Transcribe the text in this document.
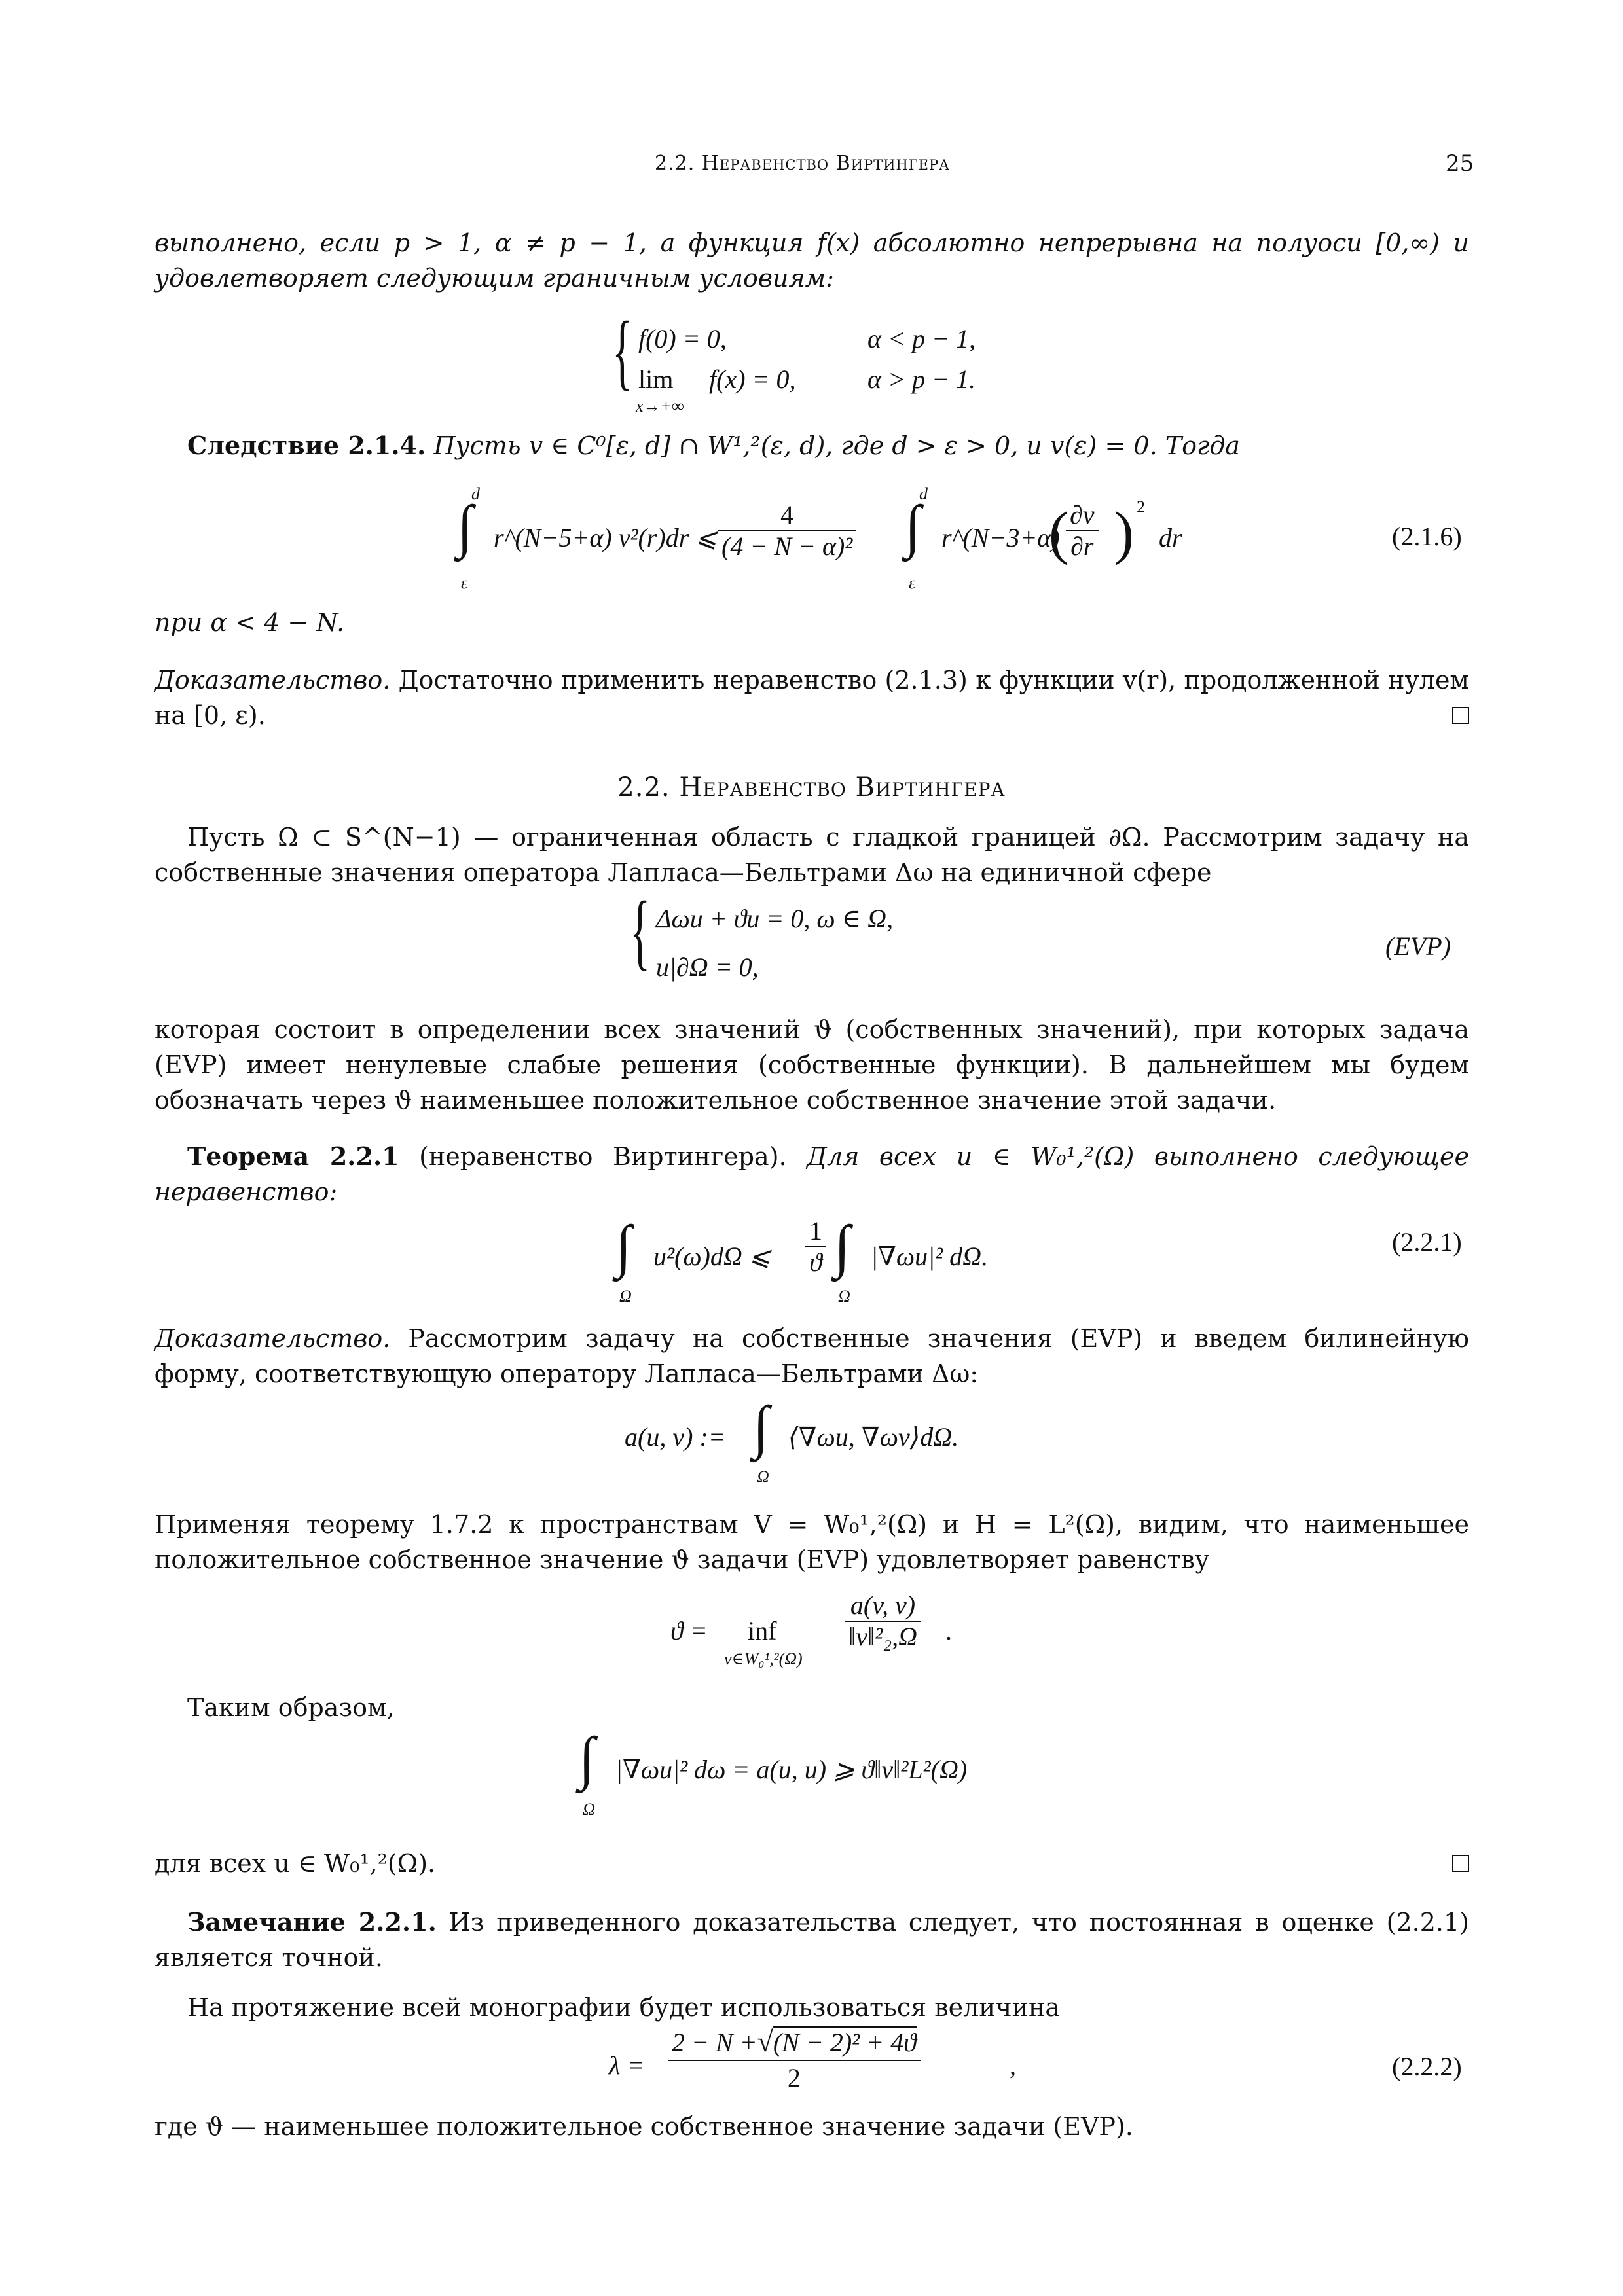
2.2. Неравенство Виртингера	25
выполнено, если p > 1, α ≠ p − 1, а функция f(x) абсолютно непрерывна на полуоси [0,∞) и удовлетворяет следующим граничным условиям:
{ f(0) = 0,	α < p − 1,
lim
x→+∞
f(x) = 0,	α > p − 1.
Следствие 2.1.4. Пусть v ∈ C⁰[ε, d] ∩ W¹,²(ε, d), где d > ε > 0, и v(ε) = 0. Тогда
d
∫
ε
r^(N−5+α) v²(r)dr ⩽ $\frac{4}{\text{(4 − N − α)²}}$
d
∫
ε
r^(N−3+α)
(
$\frac{\partial v}{\partial r}$ ) 2
dr	(2.1.6)
при α < 4 − N.
Доказательство. Достаточно применить неравенство (2.1.3) к функции v(r), продолженной нулем на [0, ε).
2.2. Неравенство Виртингера
Пусть Ω ⊂ S^(N−1) — ограниченная область с гладкой границей ∂Ω. Рассмотрим задачу на собственные значения оператора Лапласа—Бельтрами Δω на единичной сфере
{ Δωu + ϑu = 0, ω ∈ Ω,
u|∂Ω = 0,
(EVP)
которая состоит в определении всех значений ϑ (собственных значений), при которых задача (EVP) имеет ненулевые слабые решения (собственные функции). В дальнейшем мы будем обозначать через ϑ наименьшее положительное собственное значение этой задачи.
Теорема 2.2.1 (неравенство Виртингера). Для всех u ∈ W₀¹,²(Ω) выполнено следующее неравенство:
∫
Ω
u²(ω)dΩ ⩽ $\frac{1}{ϑ}$ ∫
Ω
|∇ωu|² dΩ.	(2.2.1)
Доказательство. Рассмотрим задачу на собственные значения (EVP) и введем билинейную форму, соответствующую оператору Лапласа—Бельтрами Δω:
a(u, v) := ∫
Ω
⟨∇ωu, ∇ωv⟩dΩ.
Применяя теорему 1.7.2 к пространствам V = W₀¹,²(Ω) и H = L²(Ω), видим, что наименьшее положительное собственное значение ϑ задачи (EVP) удовлетворяет равенству
ϑ = inf
v∈W₀¹,²(Ω)
$\frac{a(v, v)}{\text{‖v‖²₂,Ω}}$ .
Таким образом,
∫
Ω
|∇ωu|² dω = a(u, u) ⩾ ϑ‖v‖²L²(Ω)
для всех u ∈ W₀¹,²(Ω).
Замечание 2.2.1. Из приведенного доказательства следует, что постоянная в оценке (2.2.1) является точной.
На протяжение всей монографии будет использоваться величина
λ =
2 − N +√(N − 2)² + 4ϑ
2	,	(2.2.2)
где ϑ — наименьшее положительное собственное значение задачи (EVP).
